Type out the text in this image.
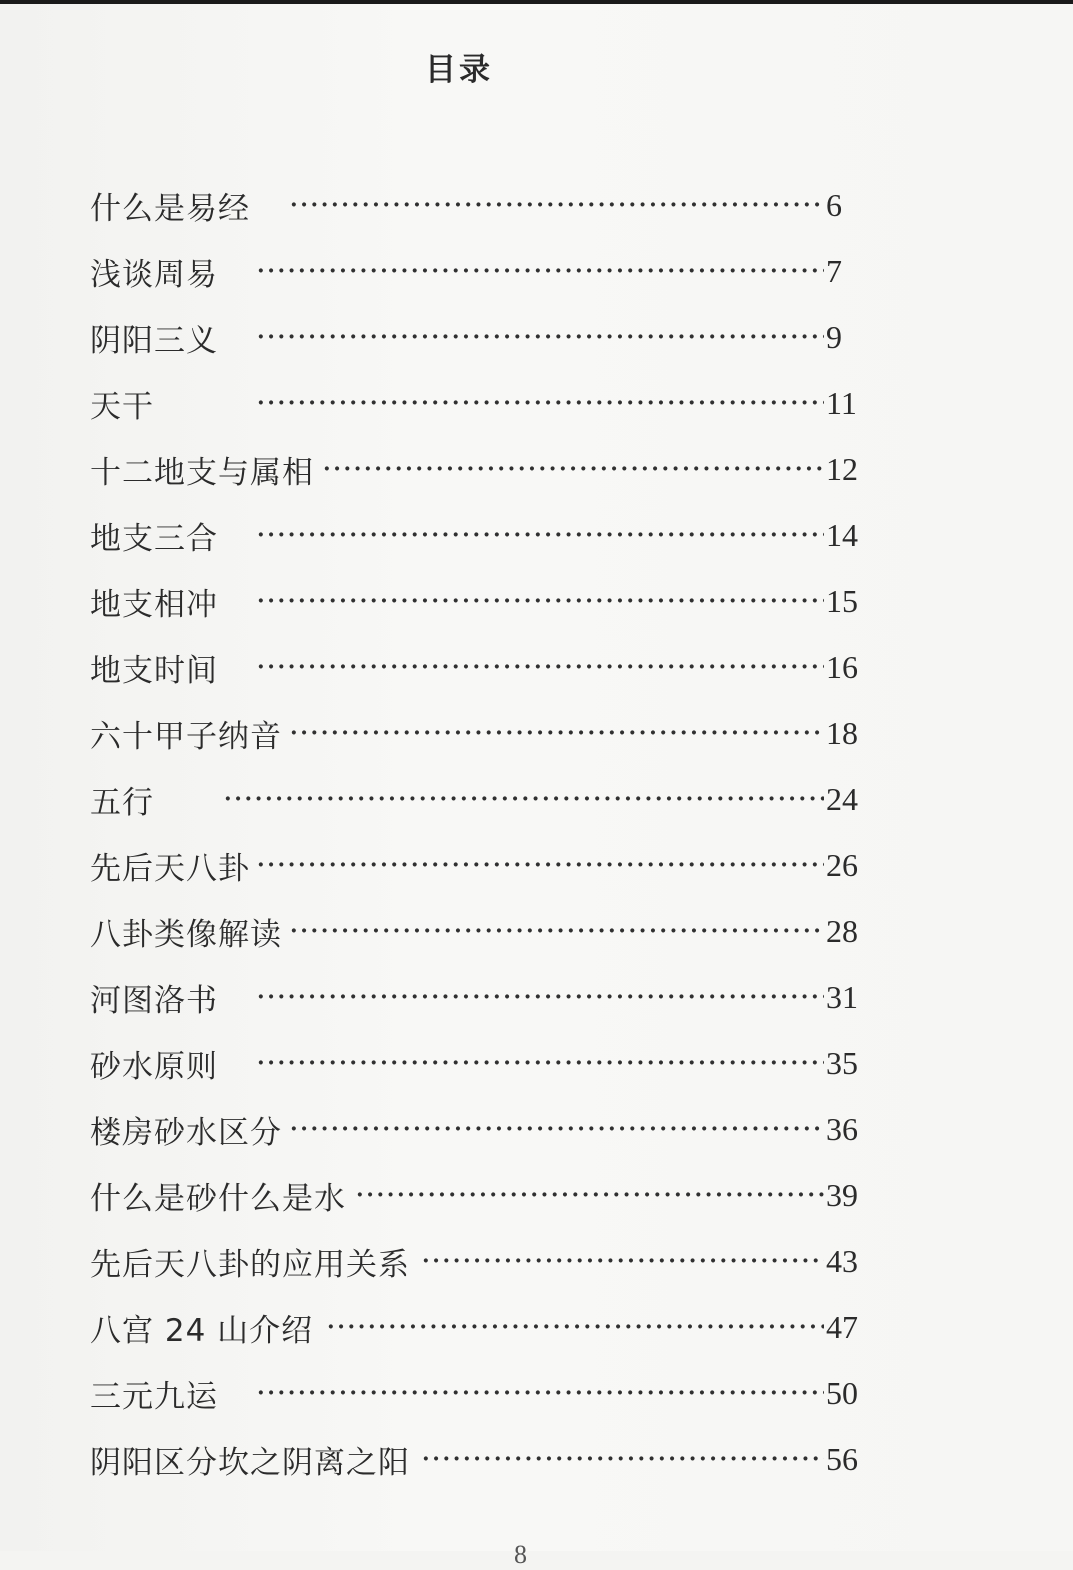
目录
什么是易经 ·····	6
浅谈周易 ·····	7
阴阳三义 ·····	9
天干 ·····	11
十二地支与属相 ·····	12
地支三合 ·····	14
地支相冲 ·····	15
地支时间 ·····	16
六十甲子纳音 ·····	18
五行 ·····	24
先后天八卦 ·····	26
八卦类像解读 ·····	28
河图洛书 ·····	31
砂水原则 ·····	35
楼房砂水区分 ·····	36
什么是砂什么是水 ·····	39
先后天八卦的应用关系 ·····	43
八宫 24 山介绍 ·····	47
三元九运 ·····	50
阴阳区分坎之阴离之阳 ·····	56
8
